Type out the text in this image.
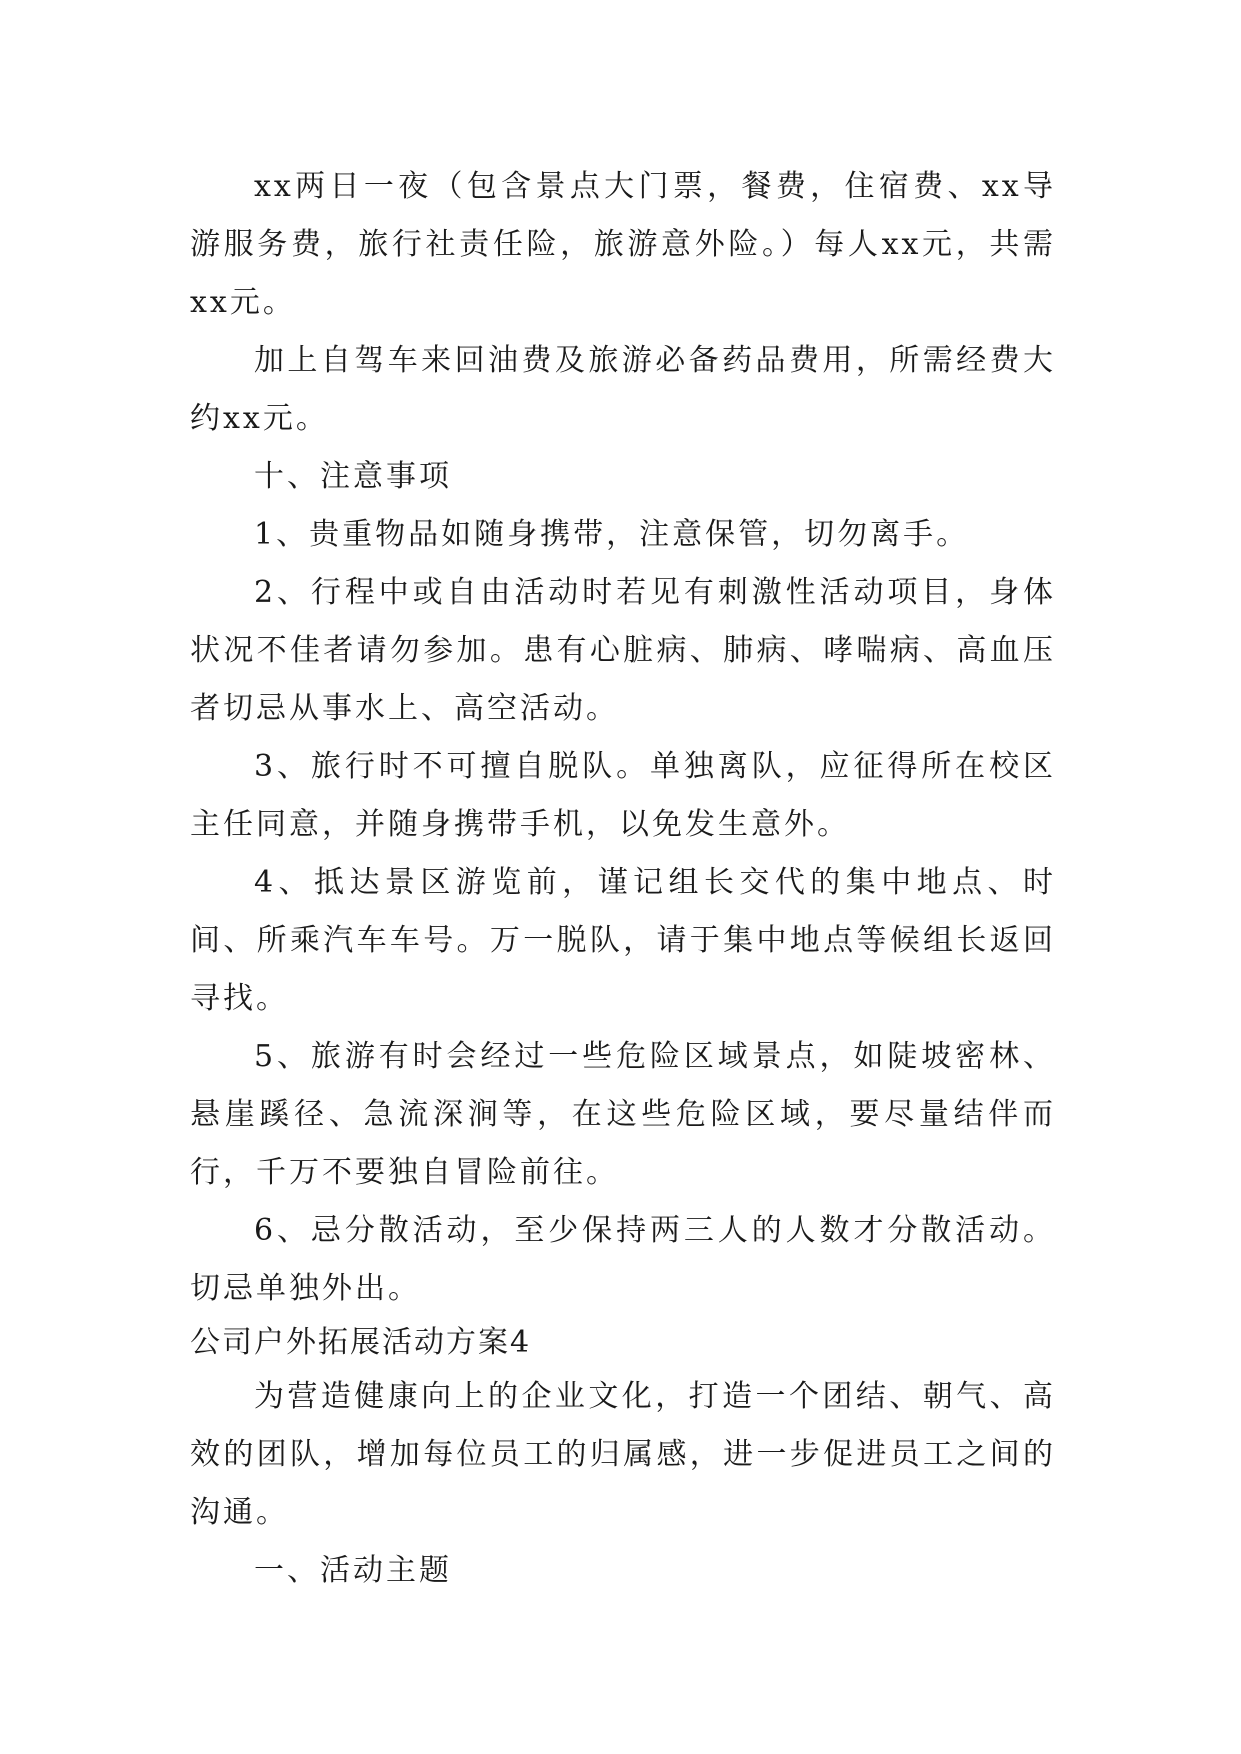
xx两日一夜（包含景点大门票，餐费，住宿费、xx导游服务费，旅行社责任险，旅游意外险。）每人xx元，共需xx元。

加上自驾车来回油费及旅游必备药品费用，所需经费大约xx元。

十、注意事项

1、贵重物品如随身携带，注意保管，切勿离手。

2、行程中或自由活动时若见有刺激性活动项目，身体状况不佳者请勿参加。患有心脏病、肺病、哮喘病、高血压者切忌从事水上、高空活动。

3、旅行时不可擅自脱队。单独离队，应征得所在校区主任同意，并随身携带手机，以免发生意外。

4、抵达景区游览前，谨记组长交代的集中地点、时间、所乘汽车车号。万一脱队，请于集中地点等候组长返回寻找。

5、旅游有时会经过一些危险区域景点，如陡坡密林、悬崖蹊径、急流深涧等，在这些危险区域，要尽量结伴而行，千万不要独自冒险前往。

6、忌分散活动，至少保持两三人的人数才分散活动。切忌单独外出。

公司户外拓展活动方案4

为营造健康向上的企业文化，打造一个团结、朝气、高效的团队，增加每位员工的归属感，进一步促进员工之间的沟通。

一、活动主题
